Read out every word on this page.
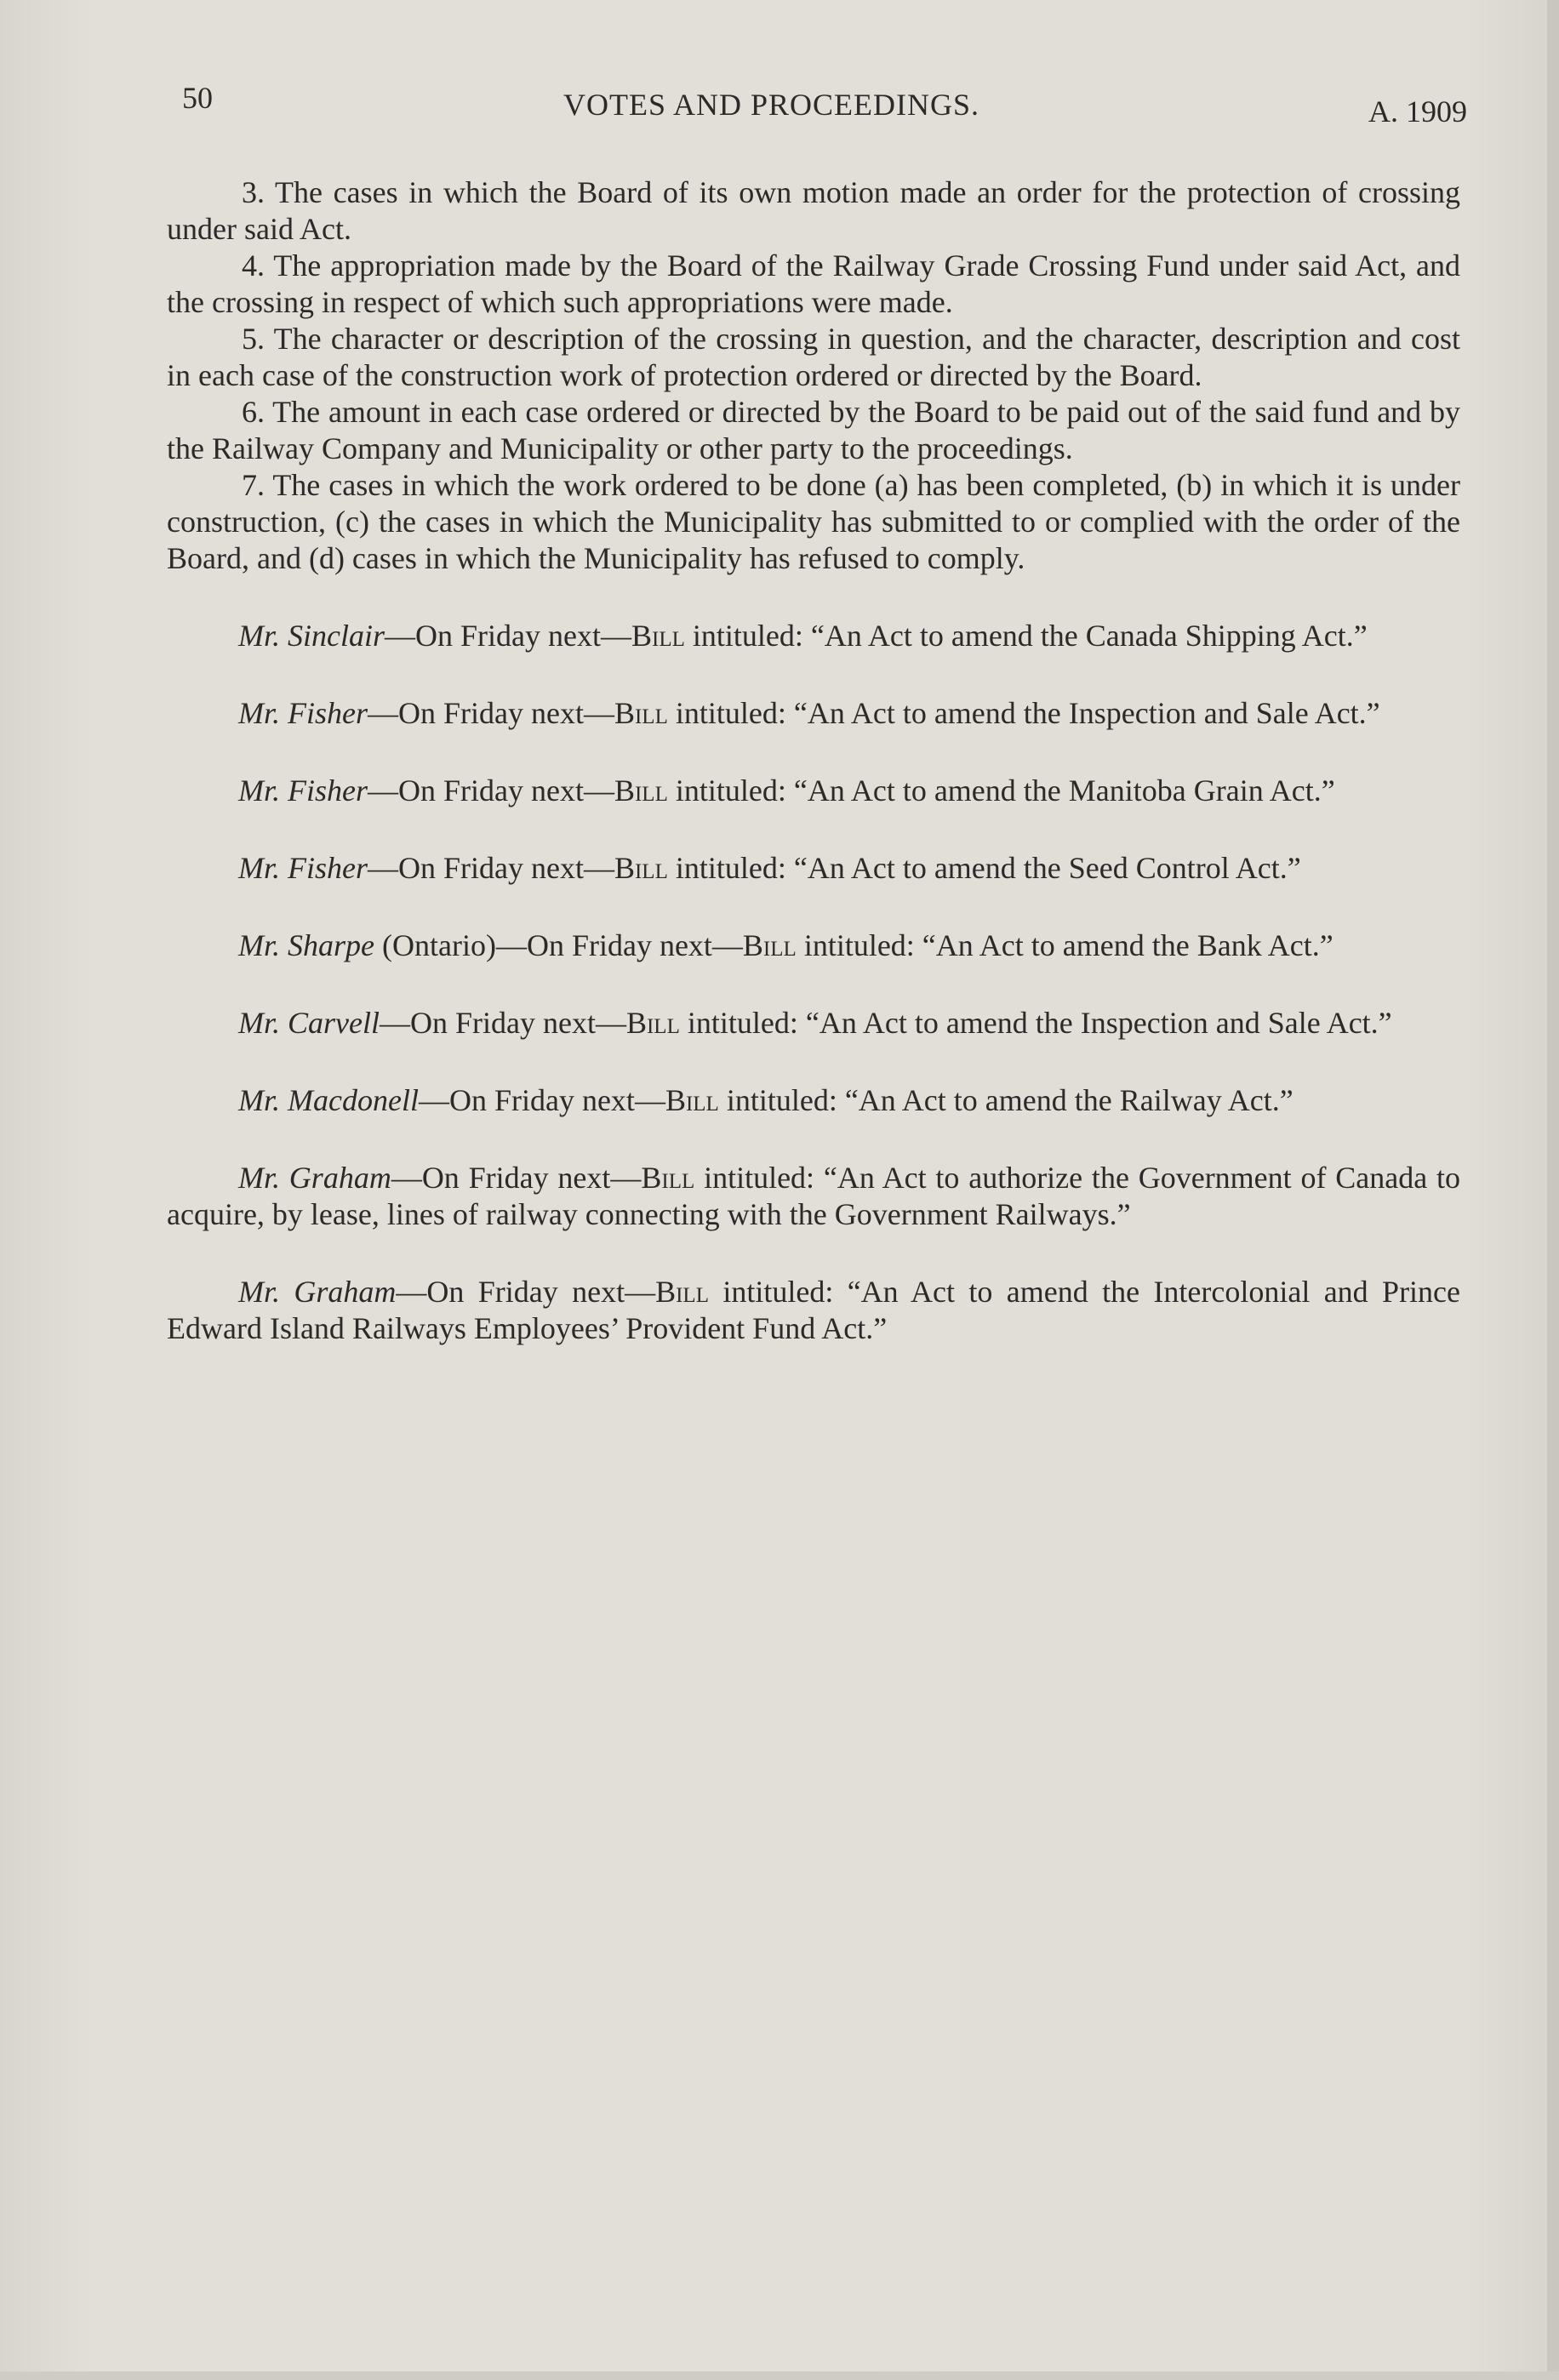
50	VOTES AND PROCEEDINGS.	A. 1909

3. The cases in which the Board of its own motion made an order for the protection of crossing under said Act.

4. The appropriation made by the Board of the Railway Grade Crossing Fund under said Act, and the crossing in respect of which such appropriations were made.

5. The character or description of the crossing in question, and the character, description and cost in each case of the construction work of protection ordered or directed by the Board.

6. The amount in each case ordered or directed by the Board to be paid out of the said fund and by the Railway Company and Municipality or other party to the proceedings.

7. The cases in which the work ordered to be done (a) has been completed, (b) in which it is under construction, (c) the cases in which the Municipality has submitted to or complied with the order of the Board, and (d) cases in which the Municipality has refused to comply.

Mr. Sinclair—On Friday next—Bill intituled: “An Act to amend the Canada Shipping Act.”

Mr. Fisher—On Friday next—Bill intituled: “An Act to amend the Inspection and Sale Act.”

Mr. Fisher—On Friday next—Bill intituled: “An Act to amend the Manitoba Grain Act.”

Mr. Fisher—On Friday next—Bill intituled: “An Act to amend the Seed Control Act.”

Mr. Sharpe (Ontario)—On Friday next—Bill intituled: “An Act to amend the Bank Act.”

Mr. Carvell—On Friday next—Bill intituled: “An Act to amend the Inspection and Sale Act.”

Mr. Macdonell—On Friday next—Bill intituled: “An Act to amend the Railway Act.”

Mr. Graham—On Friday next—Bill intituled: “An Act to authorize the Government of Canada to acquire, by lease, lines of railway connecting with the Government Railways.”

Mr. Graham—On Friday next—Bill intituled: “An Act to amend the Intercolonial and Prince Edward Island Railways Employees’ Provident Fund Act.”
